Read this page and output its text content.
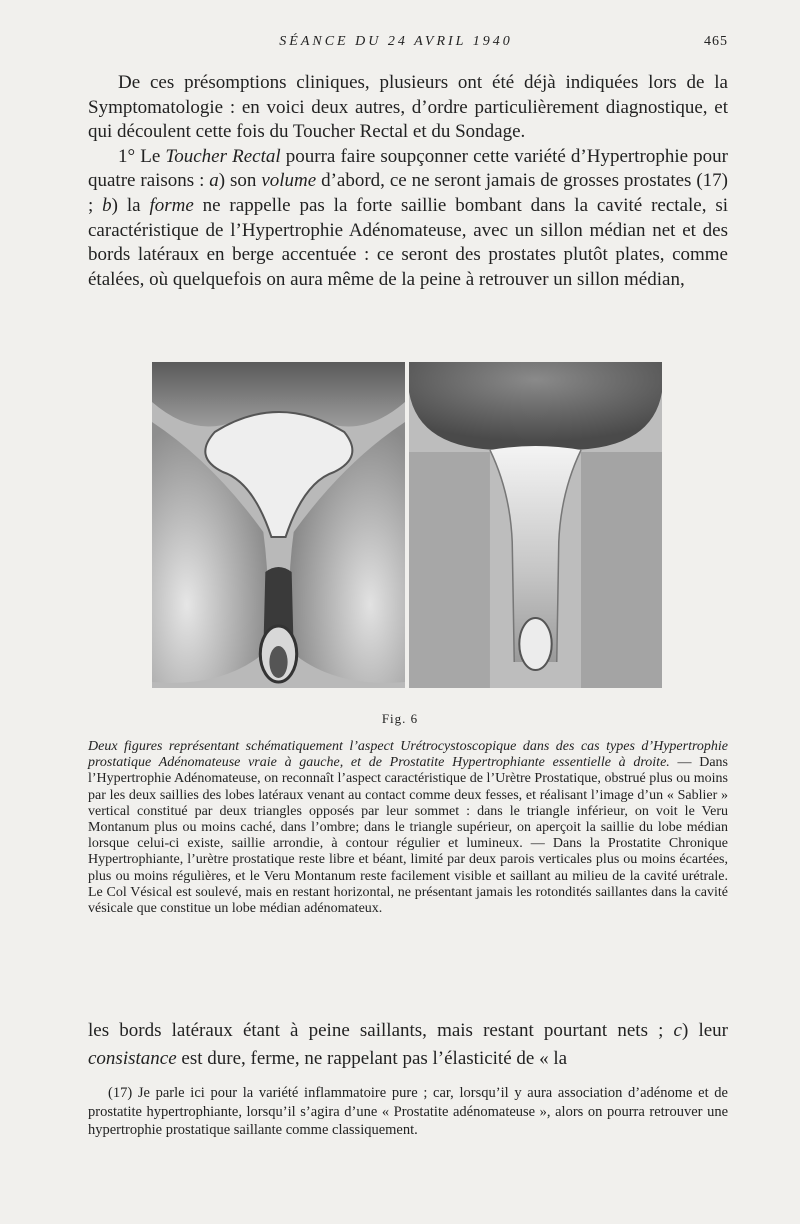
SÉANCE DU 24 AVRIL 1940	465

De ces présomptions cliniques, plusieurs ont été déjà indiquées lors de la Symptomatologie : en voici deux autres, d’ordre particulièrement diagnostique, et qui découlent cette fois du Toucher Rectal et du Sondage.

1° Le Toucher Rectal pourra faire soupçonner cette variété d’Hypertrophie pour quatre raisons : a) son volume d’abord, ce ne seront jamais de grosses prostates (17) ; b) la forme ne rappelle pas la forte saillie bombant dans la cavité rectale, si caractéristique de l’Hypertrophie Adénomateuse, avec un sillon médian net et des bords latéraux en berge accentuée : ce seront des prostates plutôt plates, comme étalées, où quelquefois on aura même de la peine à retrouver un sillon médian,

Fig. 6

Deux figures représentant schématiquement l’aspect Urétrocystoscopique dans des cas types d’Hypertrophie prostatique Adénomateuse vraie à gauche, et de Prostatite Hypertrophiante essentielle à droite. — Dans l’Hypertrophie Adénomateuse, on reconnaît l’aspect caractéristique de l’Urètre Prostatique, obstrué plus ou moins par les deux saillies des lobes latéraux venant au contact comme deux fesses, et réalisant l’image d’un « Sablier » vertical constitué par deux triangles opposés par leur sommet : dans le triangle inférieur, on voit le Veru Montanum plus ou moins caché, dans l’ombre; dans le triangle supérieur, on aperçoit la saillie du lobe médian lorsque celui-ci existe, saillie arrondie, à contour régulier et lumineux. — Dans la Prostatite Chronique Hypertrophiante, l’urètre prostatique reste libre et béant, limité par deux parois verticales plus ou moins écartées, plus ou moins régulières, et le Veru Montanum reste facilement visible et saillant au milieu de la cavité urétrale. Le Col Vésical est soulevé, mais en restant horizontal, ne présentant jamais les rotondités saillantes dans la cavité vésicale que constitue un lobe médian adénomateux.

les bords latéraux étant à peine saillants, mais restant pourtant nets ; c) leur consistance est dure, ferme, ne rappelant pas l’élasticité de « la

(17) Je parle ici pour la variété inflammatoire pure ; car, lorsqu’il y aura association d’adénome et de prostatite hypertrophiante, lorsqu’il s’agira d’une « Prostatite adénomateuse », alors on pourra retrouver une hypertrophie prostatique saillante comme classiquement.
